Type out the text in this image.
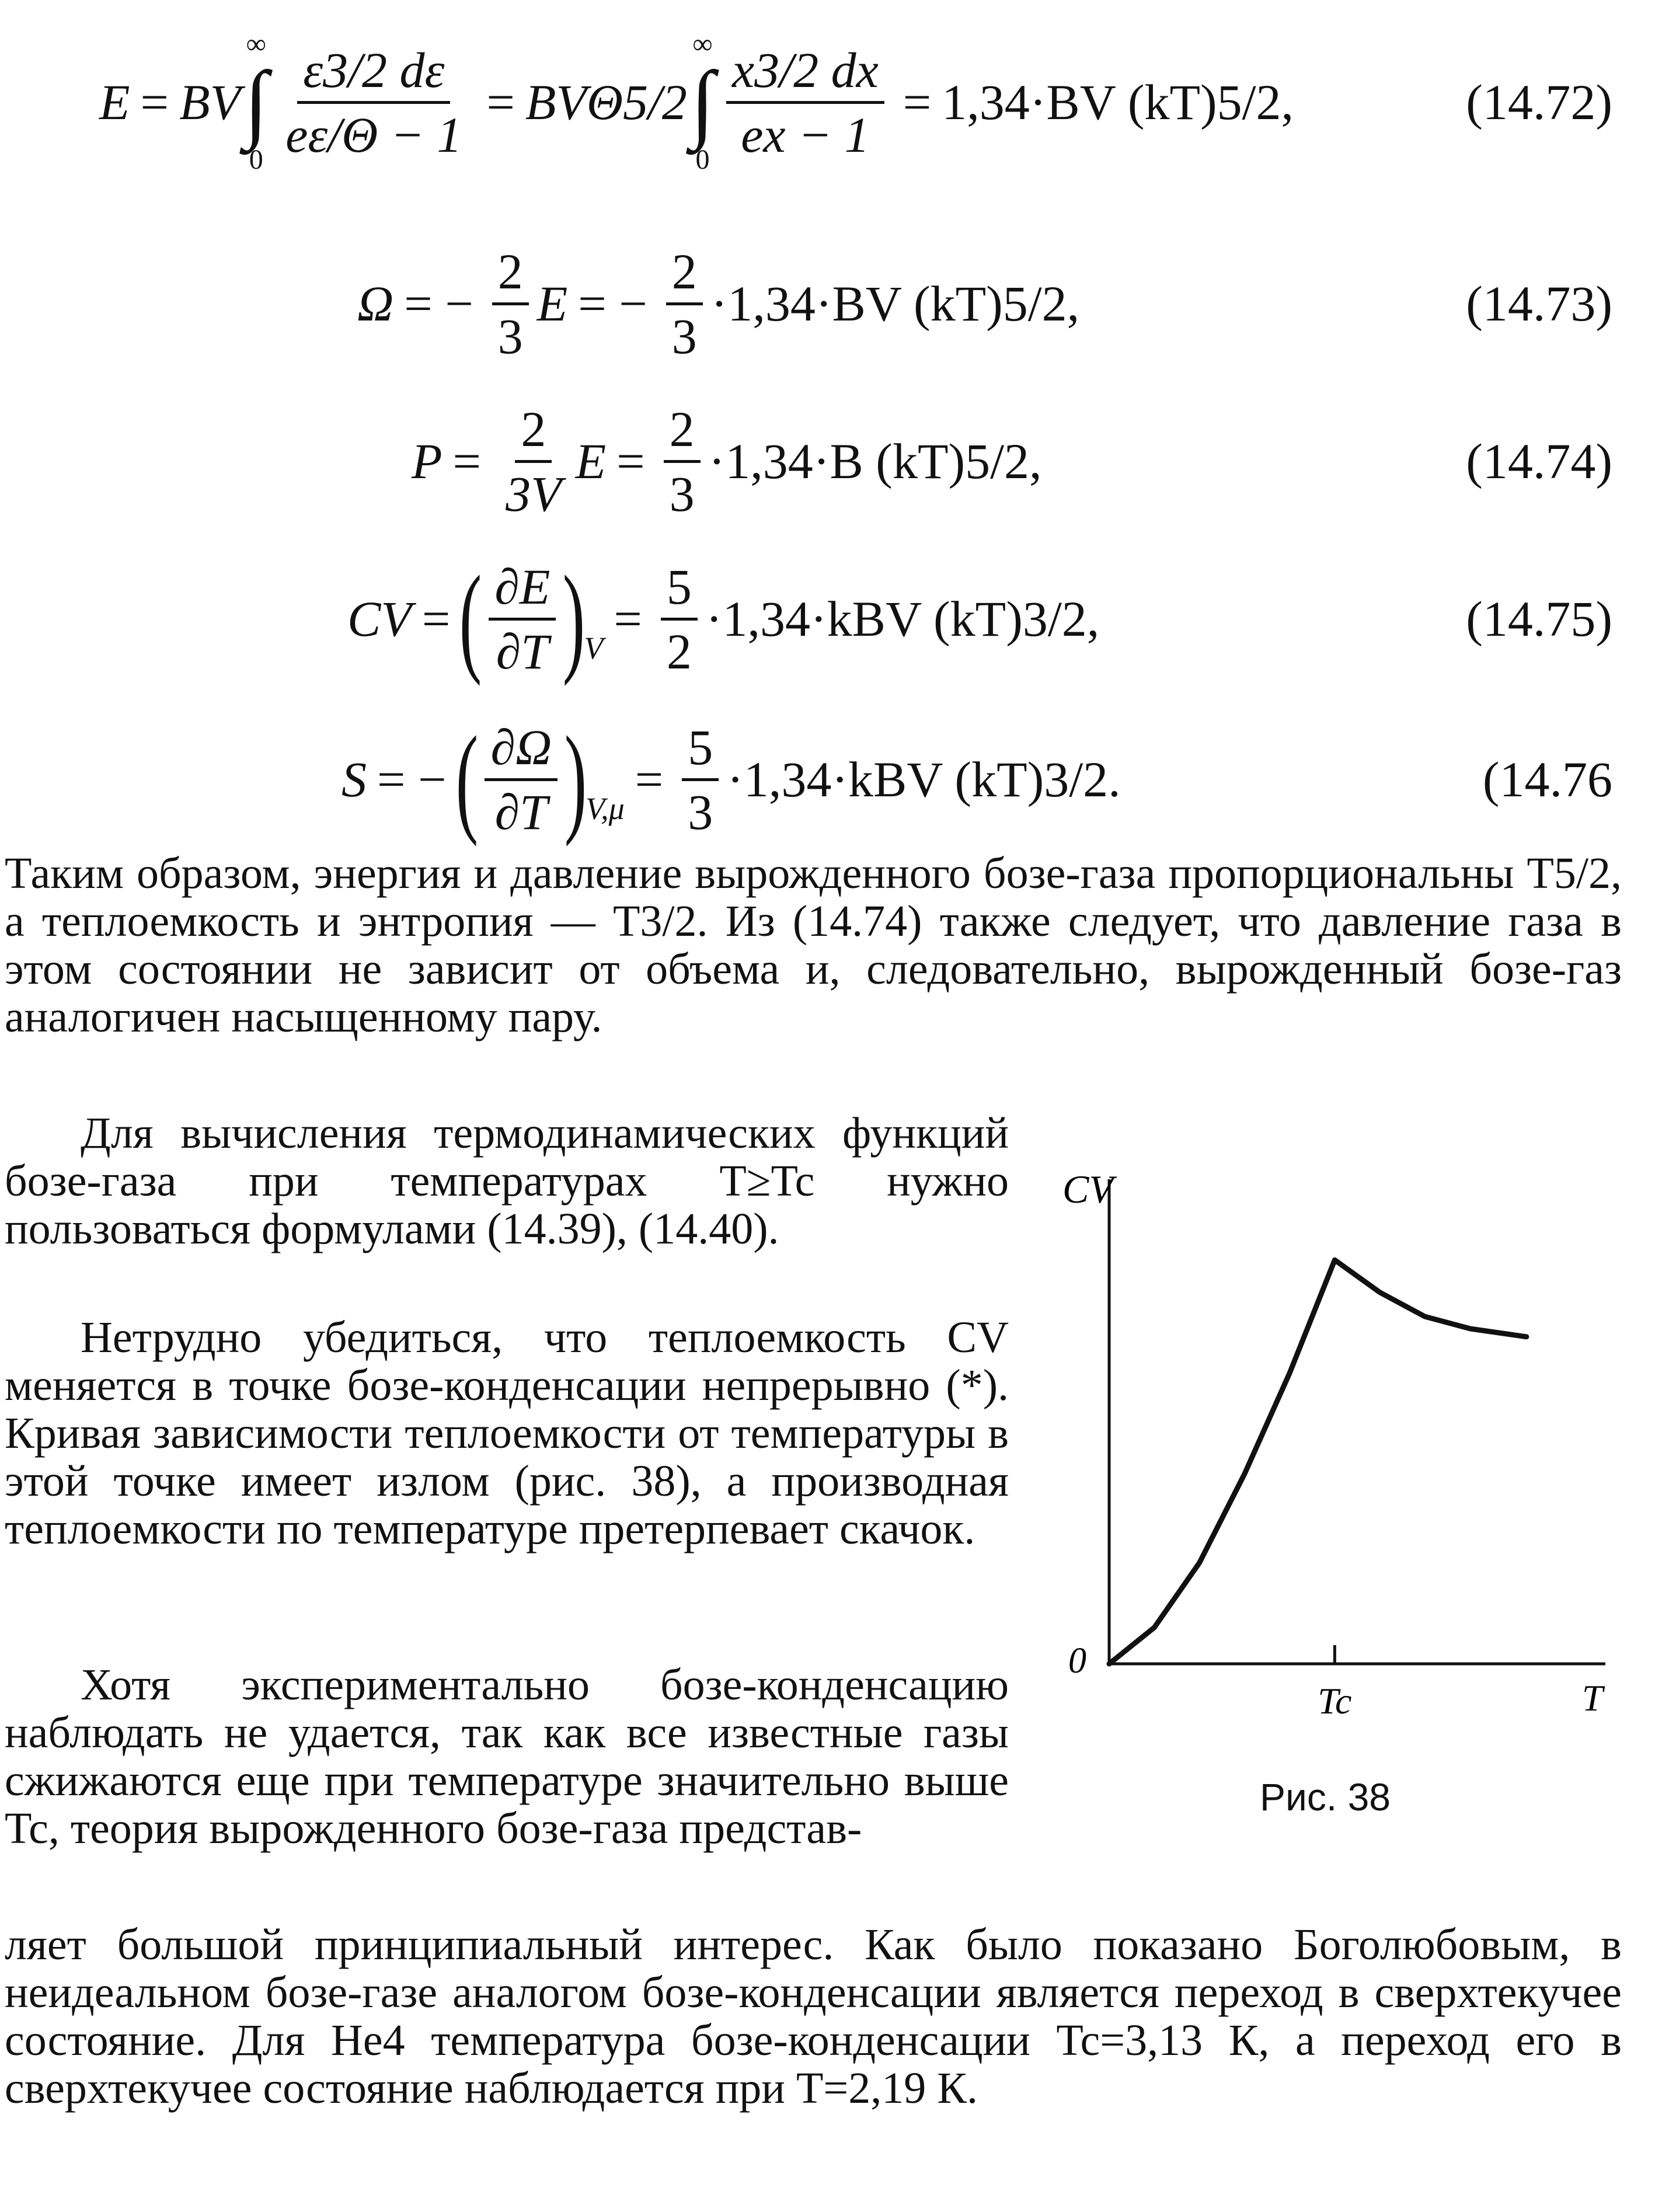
E = BV
∞
∫
$0 \frac{\varepsilon 3/2 d\varepsilon}{e\varepsilon/\Theta - 1} = BV\Theta 5/2$
∞
∫
$0 \frac{x3/2 dx}{ex - 1} = 1,34\cdot BV$ (kT)5/2,	(14.72)
Ω = − $\frac{2}{3}$ E = − $\frac{2}{3} \cdot 1,34\cdot BV$ (kT)5/2,	(14.73)
$P = \frac{2}{3V}$ $E = \frac{2}{3} \cdot 1,34\cdot B$ (kT)5/2,	(14.74)
CV = ( $\frac{\partial E}{\partial T}$ )
V
= $\frac{5}{2} \cdot 1,34\cdot kBV$ (kT)3/2,	(14.75)
S = − ( $\frac{\partial\Omega}{\partial T}$ )
V,μ
= $\frac{5}{3} \cdot 1,34\cdot kBV$ (kT)3/2.	(14.76
Таким образом, энергия и давление вырожденного бозе-газа пропорциональны T5/2, а теплоемкость и энтропия — T3/2. Из (14.74) также следует, что давление газа в этом состоянии не зависит от объема и, следовательно, вырожденный бозе-газ аналогичен насыщенному пару.
Для вычисления термодинамических функций бозе-газа при температурах T≥Tc нужно пользоваться формулами (14.39), (14.40).
Нетрудно убедиться, что теплоемкость CV меняется в точке бозе-конденсации непрерывно (*). Кривая зависимости теплоемкости от температуры в этой точке имеет излом (рис. 38), а производная теплоемкости по температуре претерпевает скачок.
Хотя экспериментально бозе-конденсацию наблюдать не удается, так как все известные газы сжижаются еще при температуре значительно выше Tc, теория вырожденного бозе-газа представ-
ляет большой принципиальный интерес. Как было показано Боголюбовым, в неидеальном бозе-газе аналогом бозе-конденсации является переход в сверхтекучее состояние. Для He4 температура бозе-конденсации Tc=3,13 К, а переход его в сверхтекучее состояние наблюдается при T=2,19 К.
CV
0
Tc	T
Рис. 38
